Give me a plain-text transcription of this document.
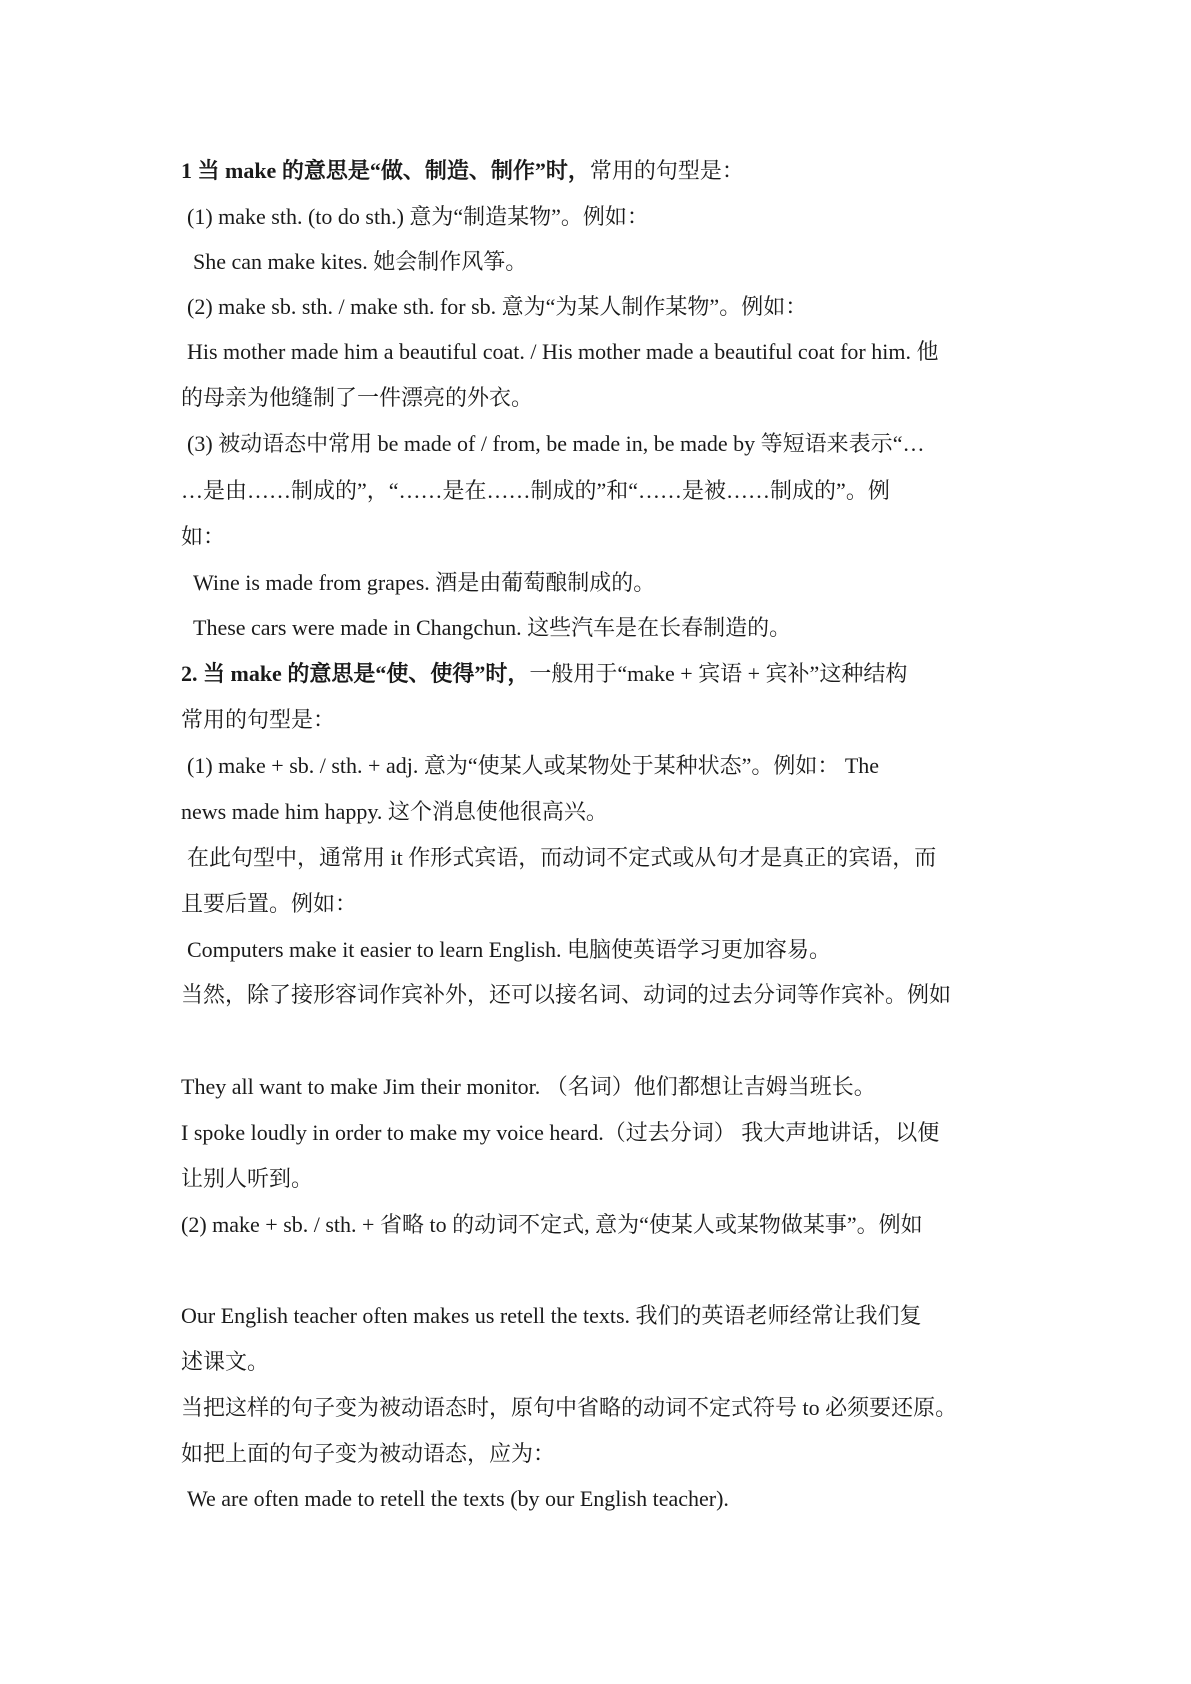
1 当 make 的意思是“做、制造、制作”时，常用的句型是：
(1) make sth. (to do sth.) 意为“制造某物”。例如：
She can make kites. 她会制作风筝。
(2) make sb. sth. / make sth. for sb. 意为“为某人制作某物”。例如：
His mother made him a beautiful coat. / His mother made a beautiful coat for him. 他
的母亲为他缝制了一件漂亮的外衣。
(3) 被动语态中常用 be made of / from, be made in, be made by 等短语来表示“…
…是由……制成的”，“……是在……制成的”和“……是被……制成的”。例
如：
Wine is made from grapes. 酒是由葡萄酿制成的。
These cars were made in Changchun. 这些汽车是在长春制造的。
2. 当 make 的意思是“使、使得”时，一般用于“make + 宾语 + 宾补”这种结构
常用的句型是：
(1) make + sb. / sth. + adj. 意为“使某人或某物处于某种状态”。例如： The
news made him happy. 这个消息使他很高兴。
在此句型中，通常用 it 作形式宾语，而动词不定式或从句才是真正的宾语，而
且要后置。例如：
Computers make it easier to learn English. 电脑使英语学习更加容易。
当然，除了接形容词作宾补外，还可以接名词、动词的过去分词等作宾补。例如
They all want to make Jim their monitor. （名词）他们都想让吉姆当班长。
I spoke loudly in order to make my voice heard.（过去分词） 我大声地讲话，以便
让别人听到。
(2) make + sb. / sth. + 省略 to 的动词不定式, 意为“使某人或某物做某事”。例如
Our English teacher often makes us retell the texts. 我们的英语老师经常让我们复
述课文。
当把这样的句子变为被动语态时，原句中省略的动词不定式符号 to 必须要还原。
如把上面的句子变为被动语态，应为：
We are often made to retell the texts (by our English teacher).
